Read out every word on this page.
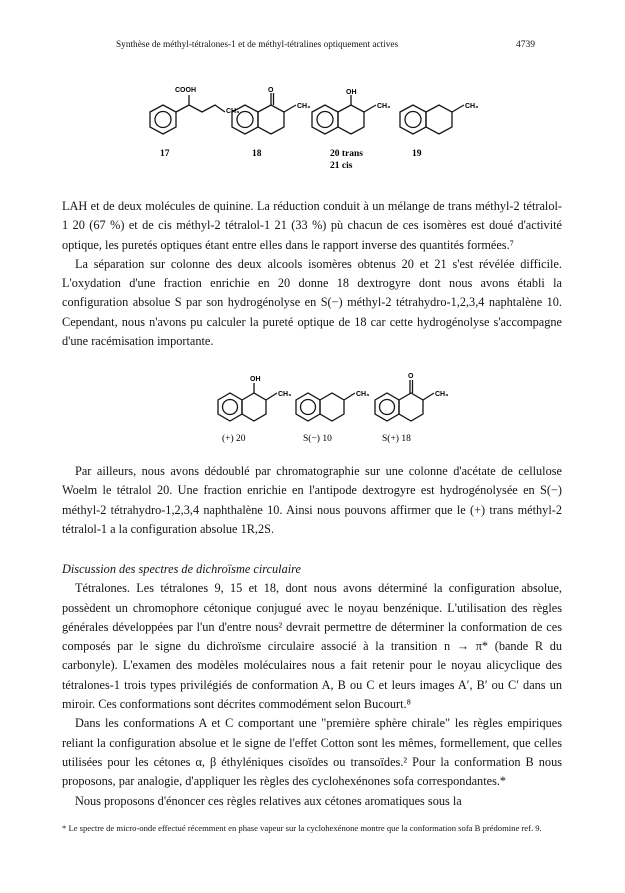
Synthèse de méthyl-tétralones-1 et de méthyl-tétralines optiquement actives	4739
COOH
CH₃
O
CH₃
OH
CH₃	CH₃
17	18	20 trans
21 cis
19
OH
CH₃	CH₃
O
CH₃
(+) 20	S(−) 10	S(+) 18

LAH et de deux molécules de quinine. La réduction conduit à un mélange de trans méthyl-2 tétralol-1 20 (67 %) et de cis méthyl-2 tétralol-1 21 (33 %) pù chacun de ces isomères est doué d'activité optique, les puretés optiques étant entre elles dans le rapport inverse des quantités formées.⁷

La séparation sur colonne des deux alcools isomères obtenus 20 et 21 s'est révélée difficile. L'oxydation d'une fraction enrichie en 20 donne 18 dextrogyre dont nous avons établi la configuration absolue S par son hydrogénolyse en S(−) méthyl-2 tétrahydro-1,2,3,4 naphtalène 10. Cependant, nous n'avons pu calculer la pureté optique de 18 car cette hydrogénolyse s'accompagne d'une racémisation importante.

Par ailleurs, nous avons dédoublé par chromatographie sur une colonne d'acétate de cellulose Woelm le tétralol 20. Une fraction enrichie en l'antipode dextrogyre est hydrogénolysée en S(−) méthyl-2 tétrahydro-1,2,3,4 naphthalène 10. Ainsi nous pouvons affirmer que le (+) trans méthyl-2 tétralol-1 a la configuration absolue 1R,2S.

Discussion des spectres de dichroïsme circulaire

Tétralones. Les tétralones 9, 15 et 18, dont nous avons déterminé la configuration absolue, possèdent un chromophore cétonique conjugué avec le noyau benzénique. L'utilisation des règles générales développées par l'un d'entre nous² devrait permettre de déterminer la conformation de ces composés par le signe du dichroïsme circulaire associé à la transition n → π* (bande R du carbonyle). L'examen des modèles moléculaires nous a fait retenir pour le noyau alicyclique des tétralones-1 trois types privilégiés de conformation A, B ou C et leurs images A′, B′ ou C′ dans un miroir. Ces conformations sont décrites commodément selon Bucourt.⁸

Dans les conformations A et C comportant une "première sphère chirale" les règles empiriques reliant la configuration absolue et le signe de l'effet Cotton sont les mêmes, formellement, que celles utilisées pour les cétones α, β éthyléniques cisoïdes ou transoïdes.² Pour la conformation B nous proposons, par analogie, d'appliquer les règles des cyclohexénones sofa correspondantes.*

Nous proposons d'énoncer ces règles relatives aux cétones aromatiques sous la

* Le spectre de micro-onde effectué récemment en phase vapeur sur la cyclohexénone montre que la conformation sofa B prédomine ref. 9.
